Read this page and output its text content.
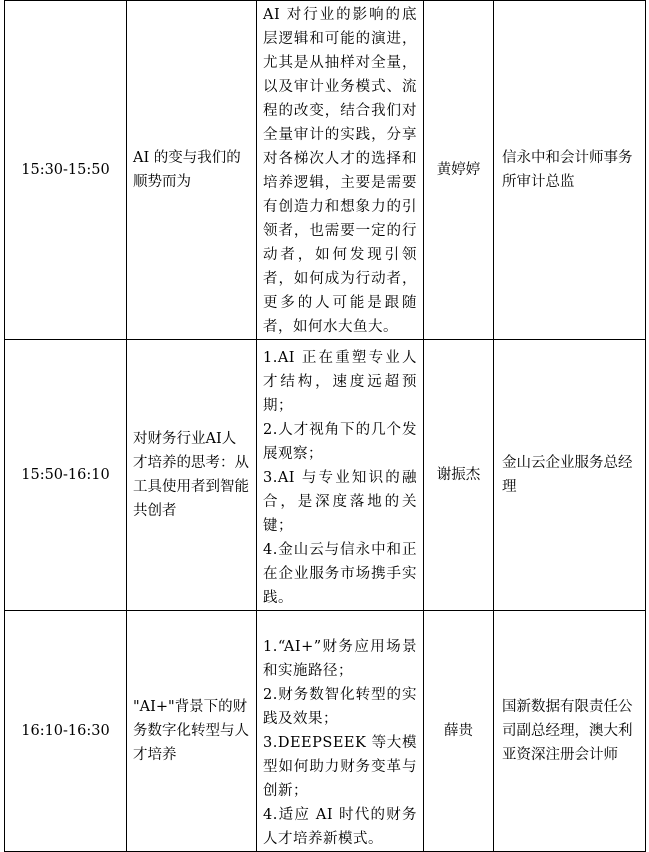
15:30-15:50	AI 的变与我们的顺势而为	AI 对行业的影响的底层逻辑和可能的演进，尤其是从抽样对全量，以及审计业务模式、流程的改变，结合我们对全量审计的实践，分享对各梯次人才的选择和培养逻辑，主要是需要有创造力和想象力的引领者，也需要一定的行动者，如何发现引领者，如何成为行动者，更多的人可能是跟随者，如何水大鱼大。	黄婷婷	信永中和会计师事务所审计总监

15:50-16:10	对财务行业AI人才培养的思考：从工具使用者到智能共创者	1.AI 正在重塑专业人才结构，速度远超预期；
2.人才视角下的几个发展观察；
3.AI 与专业知识的融合，是深度落地的关键；
4.金山云与信永中和正在企业服务市场携手实践。	谢振杰	金山云企业服务总经理

16:10-16:30	"AI+"背景下的财务数字化转型与人才培养	1.“AI+”财务应用场景和实施路径；
2.财务数智化转型的实践及效果；
3.DEEPSEEK 等大模型如何助力财务变革与创新；
4.适应 AI 时代的财务人才培养新模式。	薛贵	国新数据有限责任公司副总经理，澳大利亚资深注册会计师
